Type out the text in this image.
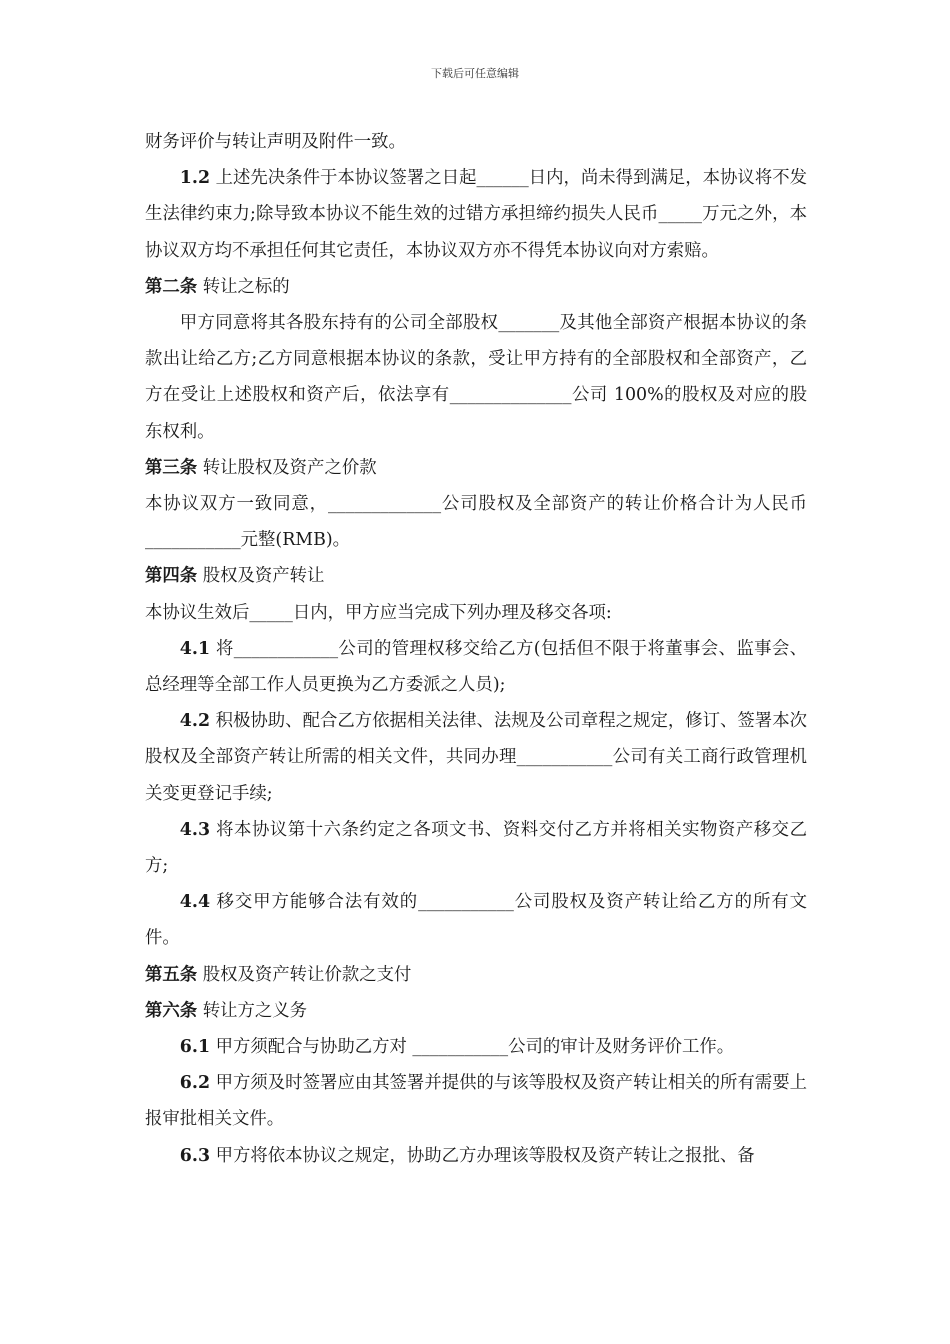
下载后可任意编辑

财务评价与转让声明及附件一致。

1.2 上述先决条件于本协议签署之日起______日内，尚未得到满足，本协议将不发生法律约束力;除导致本协议不能生效的过错方承担缔约损失人民币_____万元之外，本协议双方均不承担任何其它责任，本协议双方亦不得凭本协议向对方索赔。

第二条 转让之标的

甲方同意将其各股东持有的公司全部股权_______及其他全部资产根据本协议的条款出让给乙方;乙方同意根据本协议的条款，受让甲方持有的全部股权和全部资产，乙方在受让上述股权和资产后，依法享有______________公司 100%的股权及对应的股东权利。

第三条 转让股权及资产之价款

本协议双方一致同意，_____________公司股权及全部资产的转让价格合计为人民币___________元整(RMB)。

第四条 股权及资产转让

本协议生效后_____日内，甲方应当完成下列办理及移交各项:

4.1 将____________公司的管理权移交给乙方(包括但不限于将董事会、监事会、总经理等全部工作人员更换为乙方委派之人员);

4.2 积极协助、配合乙方依据相关法律、法规及公司章程之规定，修订、签署本次股权及全部资产转让所需的相关文件，共同办理___________公司有关工商行政管理机关变更登记手续;

4.3 将本协议第十六条约定之各项文书、资料交付乙方并将相关实物资产移交乙方;

4.4 移交甲方能够合法有效的___________公司股权及资产转让给乙方的所有文件。

第五条 股权及资产转让价款之支付

第六条 转让方之义务

6.1 甲方须配合与协助乙方对 ___________公司的审计及财务评价工作。

6.2 甲方须及时签署应由其签署并提供的与该等股权及资产转让相关的所有需要上报审批相关文件。

6.3 甲方将依本协议之规定，协助乙方办理该等股权及资产转让之报批、备
